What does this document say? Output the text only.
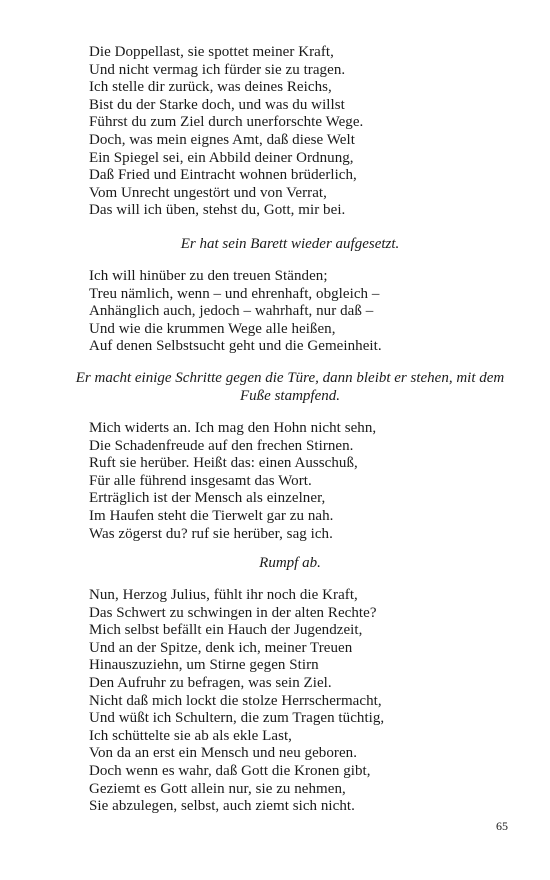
Die Doppellast, sie spottet meiner Kraft,
Und nicht vermag ich fürder sie zu tragen.
Ich stelle dir zurück, was deines Reichs,
Bist du der Starke doch, und was du willst
Führst du zum Ziel durch unerforschte Wege.
Doch, was mein eignes Amt, daß diese Welt
Ein Spiegel sei, ein Abbild deiner Ordnung,
Daß Fried und Eintracht wohnen brüderlich,
Vom Unrecht ungestört und von Verrat,
Das will ich üben, stehst du, Gott, mir bei.
Er hat sein Barett wieder aufgesetzt.
Ich will hinüber zu den treuen Ständen;
Treu nämlich, wenn – und ehrenhaft, obgleich –
Anhänglich auch, jedoch – wahrhaft, nur daß –
Und wie die krummen Wege alle heißen,
Auf denen Selbstsucht geht und die Gemeinheit.
Er macht einige Schritte gegen die Türe, dann bleibt er stehen, mit dem
Fuße stampfend.
Mich widerts an. Ich mag den Hohn nicht sehn,
Die Schadenfreude auf den frechen Stirnen.
Ruft sie herüber. Heißt das: einen Ausschuß,
Für alle führend insgesamt das Wort.
Erträglich ist der Mensch als einzelner,
Im Haufen steht die Tierwelt gar zu nah.
Was zögerst du? ruf sie herüber, sag ich.
Rumpf ab.
Nun, Herzog Julius, fühlt ihr noch die Kraft,
Das Schwert zu schwingen in der alten Rechte?
Mich selbst befällt ein Hauch der Jugendzeit,
Und an der Spitze, denk ich, meiner Treuen
Hinauszuziehn, um Stirne gegen Stirn
Den Aufruhr zu befragen, was sein Ziel.
Nicht daß mich lockt die stolze Herrschermacht,
Und wüßt ich Schultern, die zum Tragen tüchtig,
Ich schüttelte sie ab als ekle Last,
Von da an erst ein Mensch und neu geboren.
Doch wenn es wahr, daß Gott die Kronen gibt,
Geziemt es Gott allein nur, sie zu nehmen,
Sie abzulegen, selbst, auch ziemt sich nicht.
65
